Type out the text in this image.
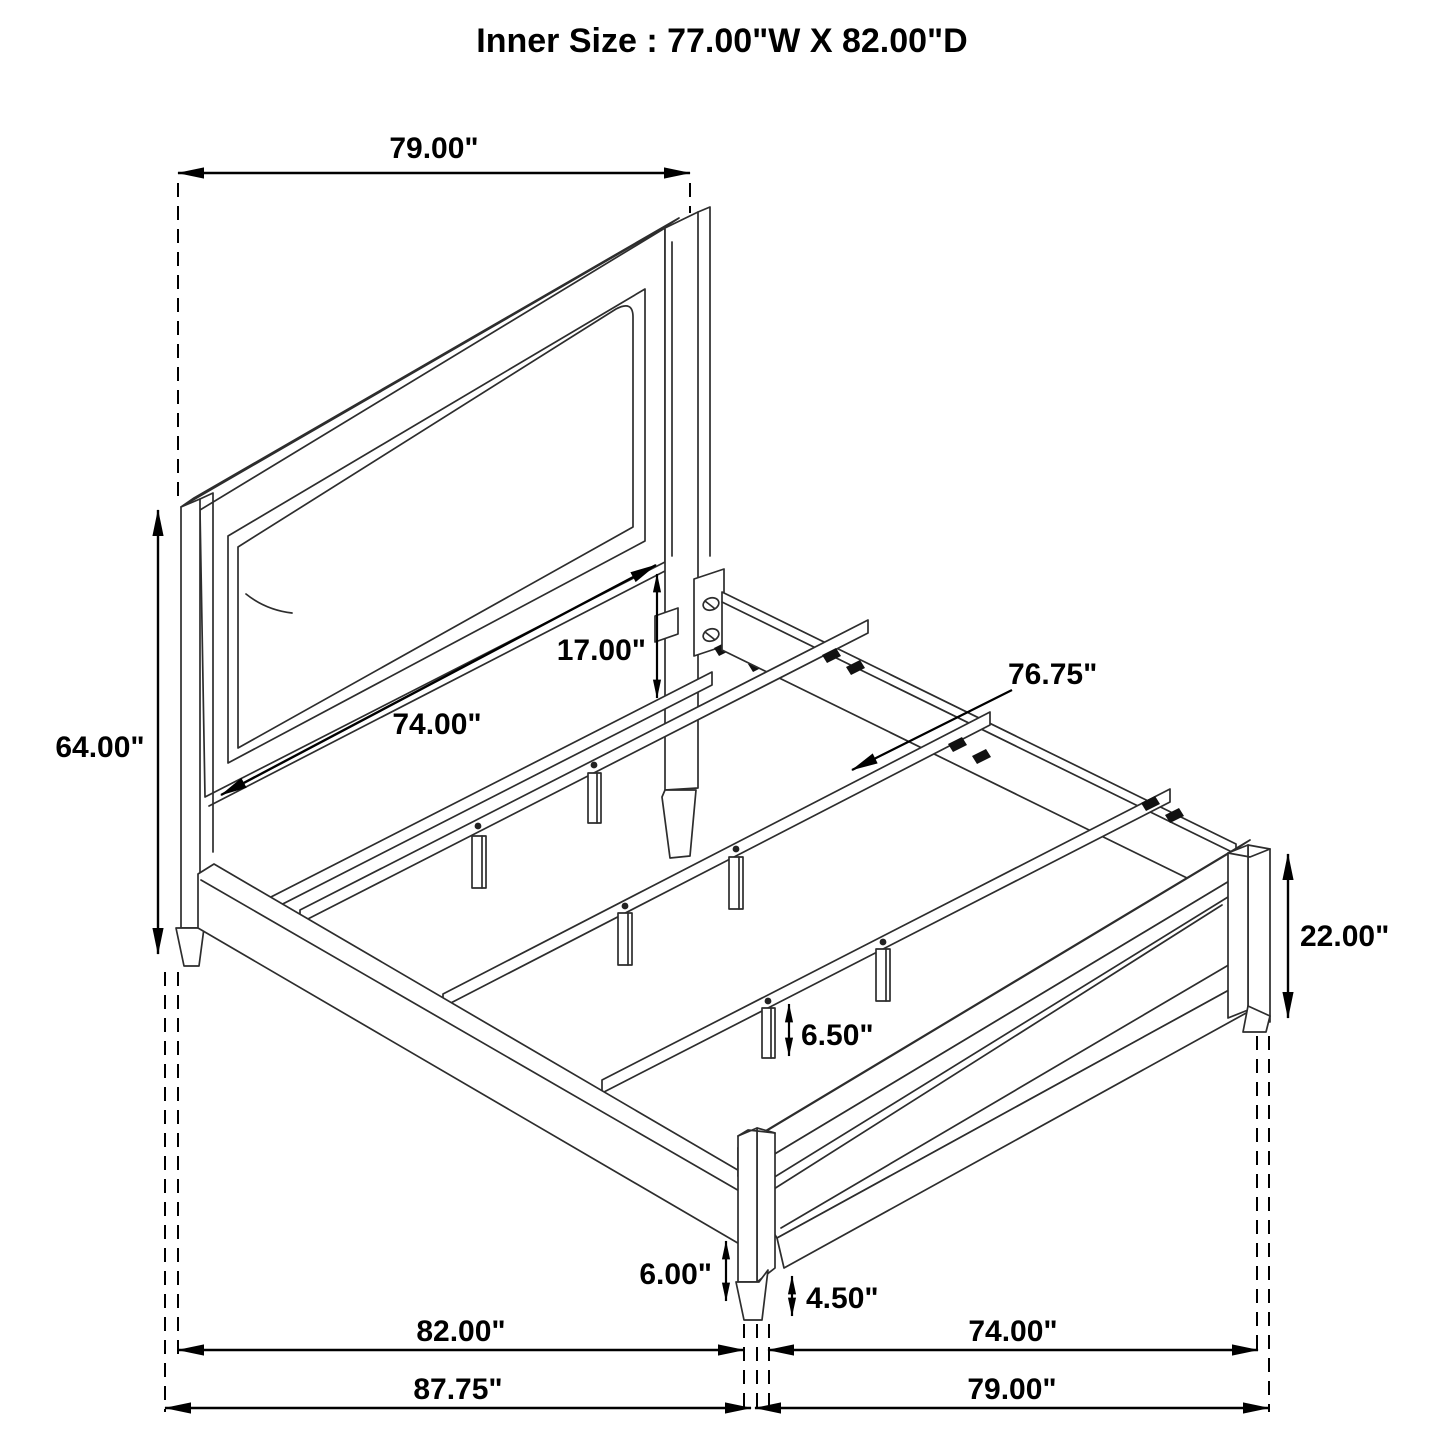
Inner Size : 77.00"W X 82.00"D
79.00"
64.00"
17.00"
74.00"
76.75"
22.00"
6.50"
6.00"
4.50"
82.00"	74.00"
87.75"	79.00"
